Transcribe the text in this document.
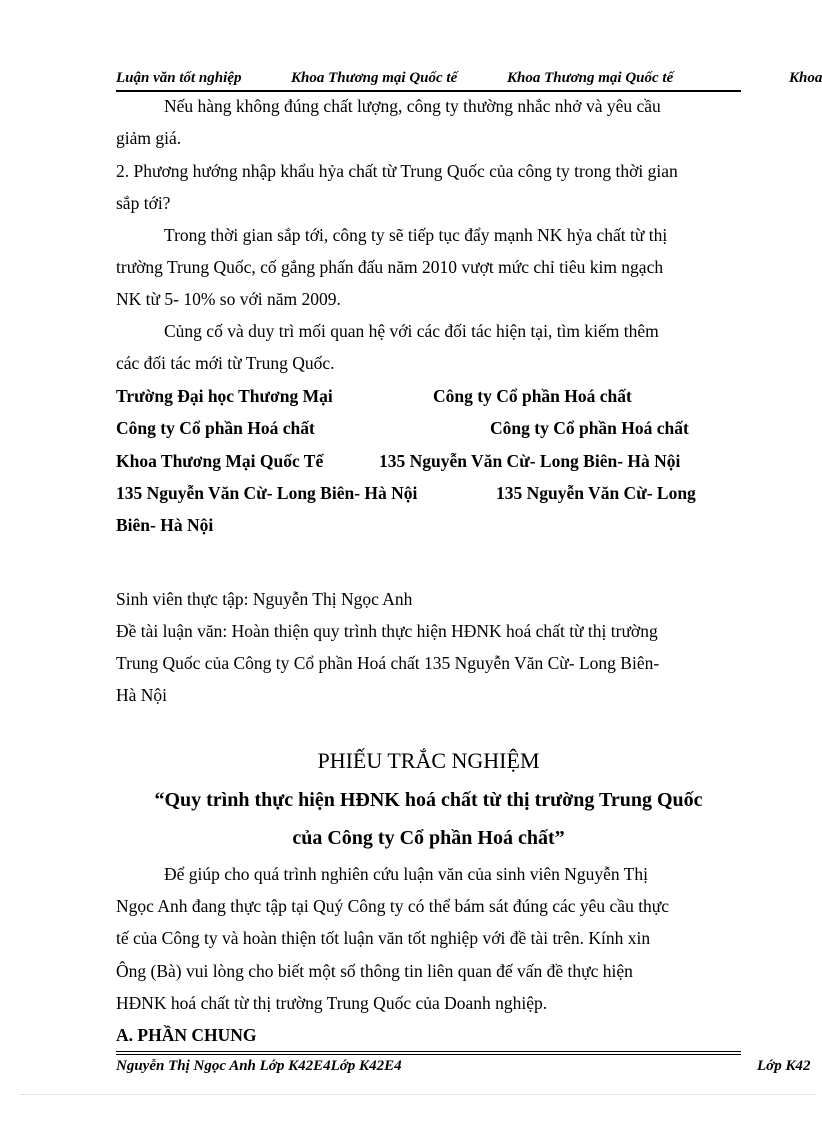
Luận văn tốt nghiệp	Khoa Thương mại Quốc tế	Khoa Thương mại Quốc tế	Khoa
Nếu hàng không đúng chất lượng, công ty thường nhắc nhở và yêu cầu
giảm giá.
2. Phương hướng nhập khẩu hỷa chất từ Trung Quốc của công ty trong thời gian
sắp tới?
Trong thời gian sắp tới, công ty sẽ tiếp tục đẩy mạnh NK hỷa chất từ thị
trường Trung Quốc, cố gắng phấn đấu năm 2010 vượt mức chỉ tiêu kim ngạch
NK từ 5- 10% so với năm 2009.
Củng cố và duy trì mối quan hệ với các đối tác hiện tại, tìm kiếm thêm
các đối tác mới từ Trung Quốc.
Trường Đại học Thương Mại	Công ty Cổ phần Hoá chất
Công ty Cổ phần Hoá chất	Công ty Cổ phần Hoá chất
Khoa Thương Mại Quốc Tế	135 Nguyễn Văn Cừ- Long Biên- Hà Nội
135 Nguyễn Văn Cừ- Long Biên- Hà Nội	135 Nguyễn Văn Cừ- Long
Biên- Hà Nội
Sinh viên thực tập: Nguyễn Thị Ngọc Anh
Đề tài luận văn: Hoàn thiện quy trình thực hiện HĐNK hoá chất từ thị trường
Trung Quốc của Công ty Cổ phần Hoá chất 135 Nguyễn Văn Cừ- Long Biên-
Hà Nội
PHIẾU TRẮC NGHIỆM
“Quy trình thực hiện HĐNK hoá chất từ thị trường Trung Quốc
của Công ty Cổ phần Hoá chất”
Để giúp cho quá trình nghiên cứu luận văn của sinh viên Nguyễn Thị
Ngọc Anh đang thực tập tại Quý Công ty có thể bám sát đúng các yêu cầu thực
tế của Công ty và hoàn thiện tốt luận văn tốt nghiệp với đề tài trên. Kính xin
Ông (Bà) vui lòng cho biết một số thông tin liên quan đế vấn đề thực hiện
HĐNK hoá chất từ thị trường Trung Quốc của Doanh nghiệp.
A. PHẦN CHUNG
Nguyễn Thị Ngọc Anh Lớp K42E4Lớp K42E4	Lớp K42
